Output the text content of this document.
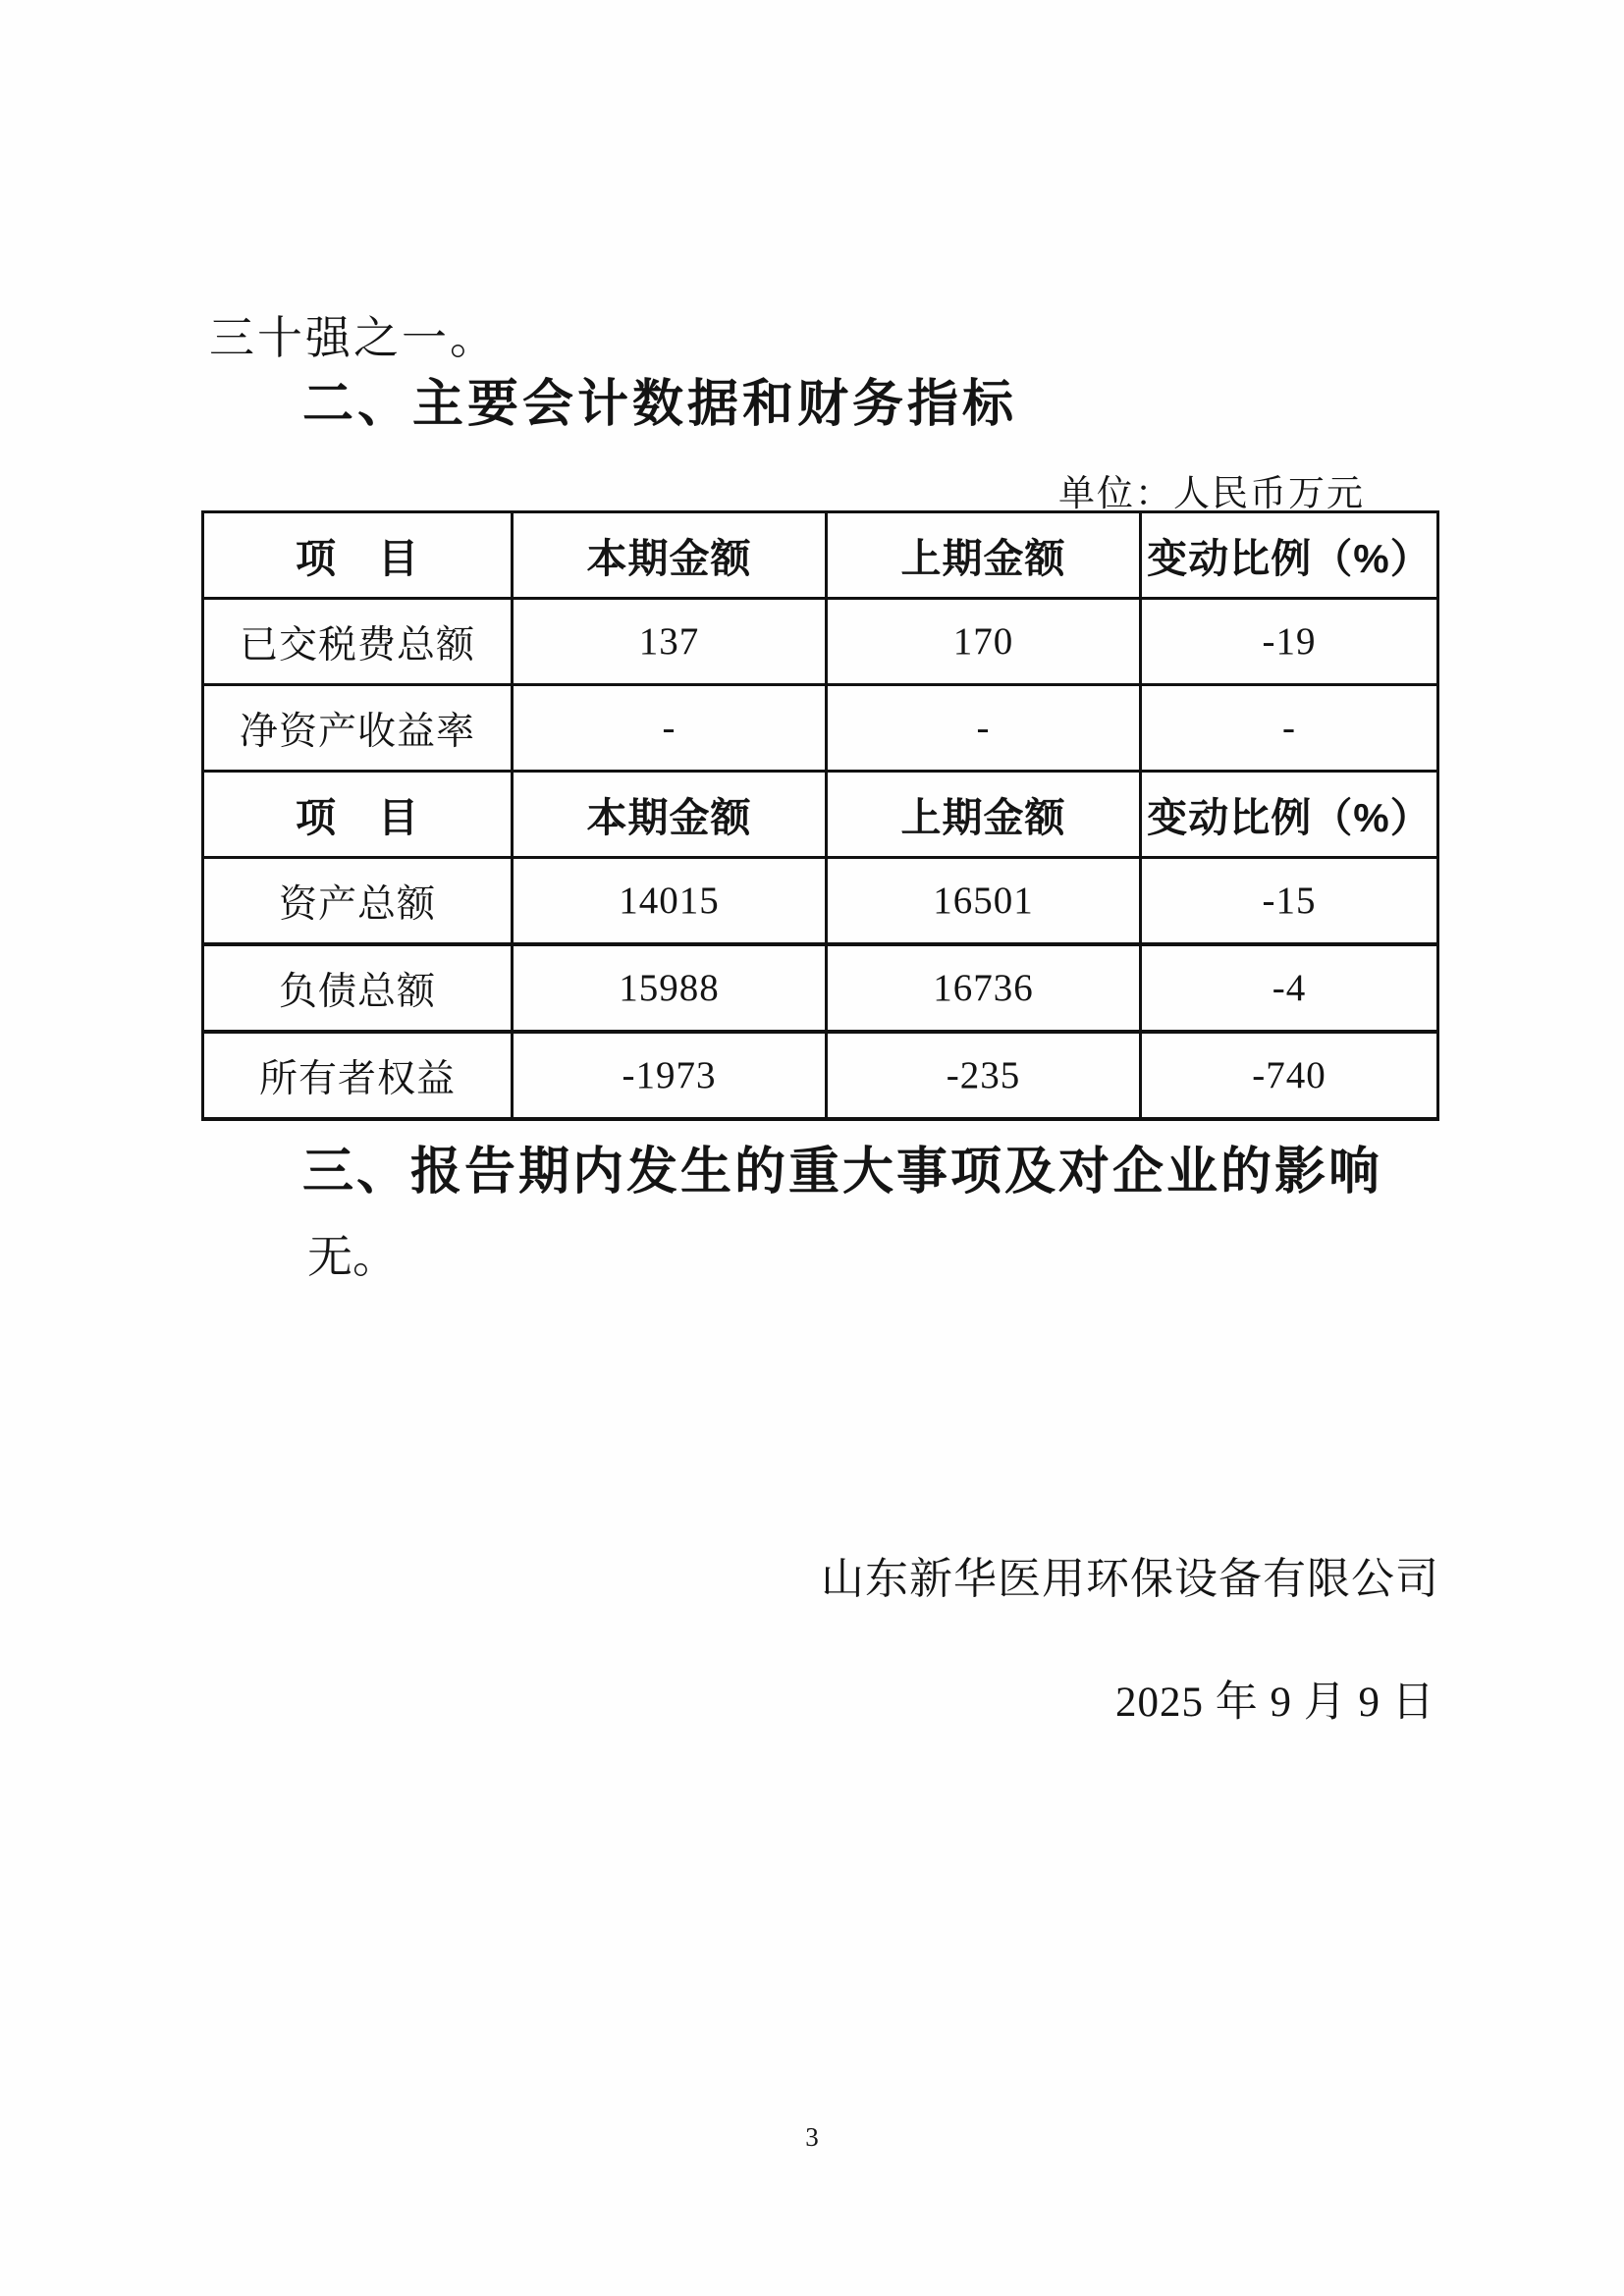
三十强之一。
二、主要会计数据和财务指标
单位：人民币万元
项　目	本期金额	上期金额	变动比例（%）
已交税费总额	137	170	-19
净资产收益率	-	-	-
项　目	本期金额	上期金额	变动比例（%）
资产总额	14015	16501	-15
负债总额	15988	16736	-4
所有者权益	-1973	-235	-740
三、报告期内发生的重大事项及对企业的影响
无。
山东新华医用环保设备有限公司
2025 年 9 月 9 日
3
